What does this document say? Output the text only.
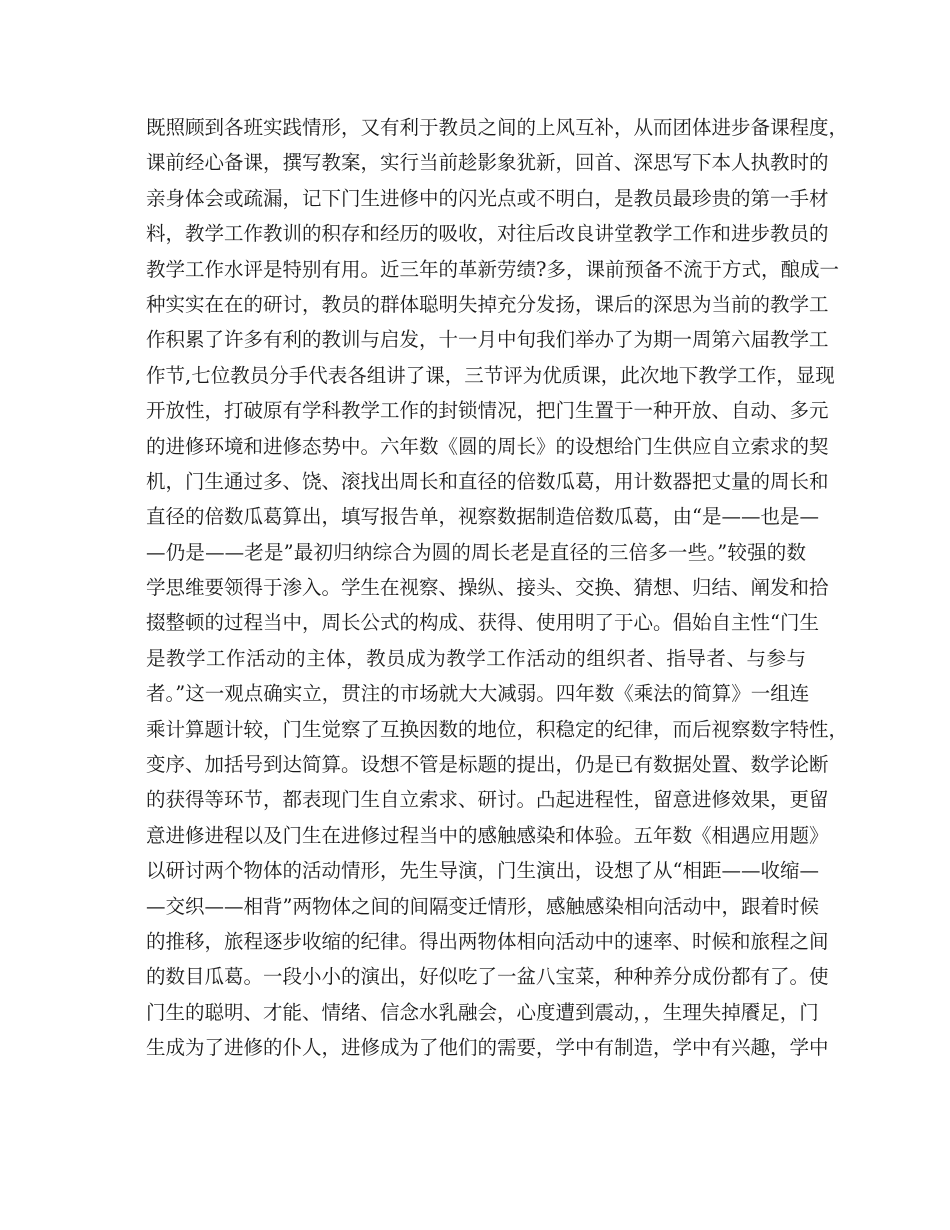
既照顾到各班实践情形，又有利于教员之间的上风互补，从而团体进步备课程度，
课前经心备课，撰写教案，实行当前趁影象犹新，回首、深思写下本人执教时的
亲身体会或疏漏，记下门生进修中的闪光点或不明白，是教员最珍贵的第一手材
料，教学工作教训的积存和经历的吸收，对往后改良讲堂教学工作和进步教员的
教学工作水评是特别有用。近三年的革新劳绩?多，课前预备不流于方式，酿成一
种实实在在的研讨，教员的群体聪明失掉充分发扬，课后的深思为当前的教学工
作积累了许多有利的教训与启发，十一月中旬我们举办了为期一周第六届教学工
作节,七位教员分手代表各组讲了课，三节评为优质课，此次地下教学工作，显现
开放性，打破原有学科教学工作的封锁情况，把门生置于一种开放、自动、多元
的进修环境和进修态势中。六年数《圆的周长》的设想给门生供应自立索求的契
机，门生通过多、饶、滚找出周长和直径的倍数瓜葛，用计数器把丈量的周长和
直径的倍数瓜葛算出，填写报告单，视察数据制造倍数瓜葛，由“是——也是—
—仍是——老是”最初归纳综合为圆的周长老是直径的三倍多一些。”较强的数
学思维要领得于渗入。学生在视察、操纵、接头、交换、猜想、归结、阐发和拾
掇整顿的过程当中，周长公式的构成、获得、使用明了于心。倡始自主性“门生
是教学工作活动的主体，教员成为教学工作活动的组织者、指导者、与参与
者。”这一观点确实立，贯注的市场就大大减弱。四年数《乘法的简算》一组连
乘计算题计较，门生觉察了互换因数的地位，积稳定的纪律，而后视察数字特性，
变序、加括号到达简算。设想不管是标题的提出，仍是已有数据处置、数学论断
的获得等环节，都表现门生自立索求、研讨。凸起进程性，留意进修效果，更留
意进修进程以及门生在进修过程当中的感触感染和体验。五年数《相遇应用题》
以研讨两个物体的活动情形，先生导演，门生演出，设想了从“相距——收缩—
—交织——相背”两物体之间的间隔变迁情形，感触感染相向活动中，跟着时候
的推移，旅程逐步收缩的纪律。得出两物体相向活动中的速率、时候和旅程之间
的数目瓜葛。一段小小的演出，好似吃了一盆八宝菜，种种养分成份都有了。使
门生的聪明、才能、情绪、信念水乳融会，心度遭到震动，，生理失掉餍足，门
生成为了进修的仆人，进修成为了他们的需要，学中有制造，学中有兴趣，学中
